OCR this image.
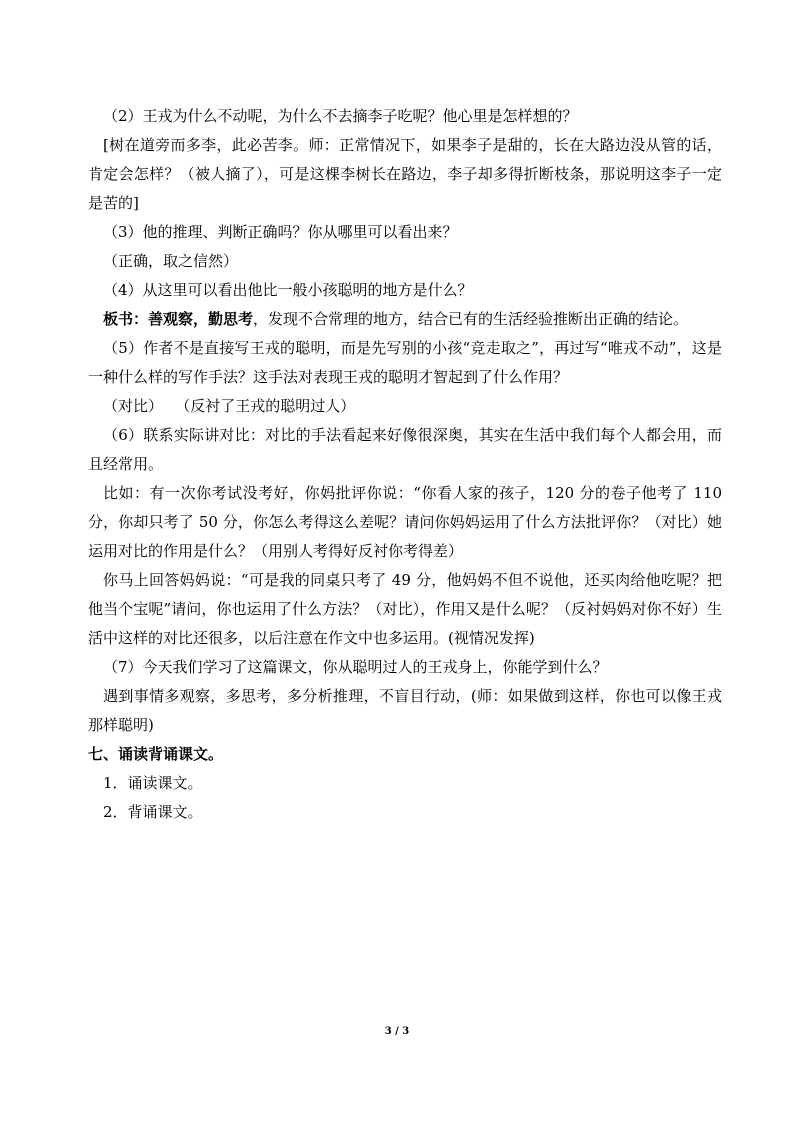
（2）王戎为什么不动呢，为什么不去摘李子吃呢？他心里是怎样想的？

[树在道旁而多李，此必苦李。师：正常情况下，如果李子是甜的，长在大路边没从管的话，肯定会怎样？（被人摘了），可是这棵李树长在路边，李子却多得折断枝条，那说明这李子一定是苦的]

（3）他的推理、判断正确吗？你从哪里可以看出来？

（正确，取之信然）

（4）从这里可以看出他比一般小孩聪明的地方是什么？

板书：善观察，勤思考，发现不合常理的地方，结合已有的生活经验推断出正确的结论。

（5）作者不是直接写王戎的聪明，而是先写别的小孩“竞走取之”，再过写“唯戎不动”，这是一种什么样的写作手法？这手法对表现王戎的聪明才智起到了什么作用？

（对比）　 （反衬了王戎的聪明过人）

（6）联系实际讲对比：对比的手法看起来好像很深奥，其实在生活中我们每个人都会用，而且经常用。

比如：有一次你考试没考好，你妈批评你说：“你看人家的孩子，120 分的卷子他考了 110 分，你却只考了 50 分，你怎么考得这么差呢？请问你妈妈运用了什么方法批评你？（对比）她运用对比的作用是什么？（用别人考得好反衬你考得差）

你马上回答妈妈说：“可是我的同桌只考了 49 分，他妈妈不但不说他，还买肉给他吃呢？把他当个宝呢”请问，你也运用了什么方法？（对比），作用又是什么呢？（反衬妈妈对你不好）生活中这样的对比还很多，以后注意在作文中也多运用。(视情况发挥)

（7）今天我们学习了这篇课文，你从聪明过人的王戎身上，你能学到什么？

遇到事情多观察，多思考，多分析推理，不盲目行动，(师：如果做到这样，你也可以像王戎那样聪明)

七、诵读背诵课文。

1．诵读课文。

2．背诵课文。

3 / 3
